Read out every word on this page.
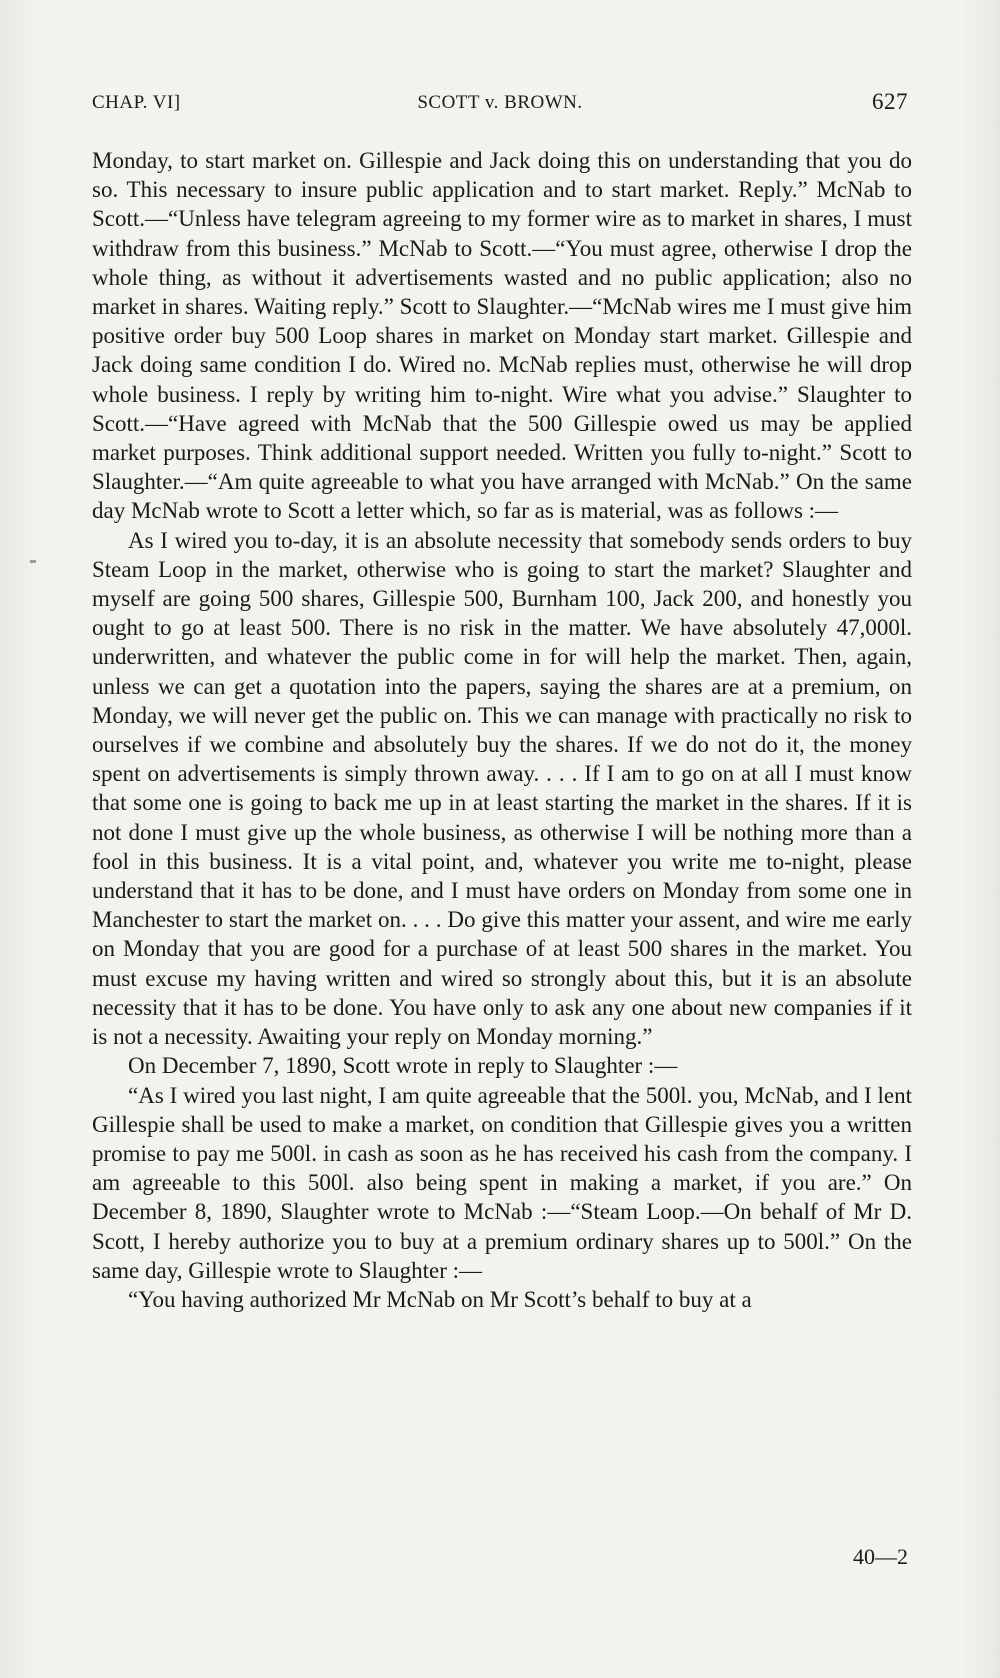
CHAP. VI]	SCOTT v. BROWN.	627

Monday, to start market on. Gillespie and Jack doing this on understanding that you do so. This necessary to insure public application and to start market. Reply.” McNab to Scott.—“Unless have telegram agreeing to my former wire as to market in shares, I must withdraw from this business.” McNab to Scott.—“You must agree, otherwise I drop the whole thing, as without it advertisements wasted and no public application; also no market in shares. Waiting reply.” Scott to Slaughter.—“McNab wires me I must give him positive order buy 500 Loop shares in market on Monday start market. Gillespie and Jack doing same condition I do. Wired no. McNab replies must, otherwise he will drop whole business. I reply by writing him to-night. Wire what you advise.” Slaughter to Scott.—“Have agreed with McNab that the 500 Gillespie owed us may be applied market purposes. Think additional support needed. Written you fully to-night.” Scott to Slaughter.—“Am quite agreeable to what you have arranged with McNab.” On the same day McNab wrote to Scott a letter which, so far as is material, was as follows :—

As I wired you to-day, it is an absolute necessity that somebody sends orders to buy Steam Loop in the market, otherwise who is going to start the market? Slaughter and myself are going 500 shares, Gillespie 500, Burnham 100, Jack 200, and honestly you ought to go at least 500. There is no risk in the matter. We have absolutely 47,000l. underwritten, and whatever the public come in for will help the market. Then, again, unless we can get a quotation into the papers, saying the shares are at a premium, on Monday, we will never get the public on. This we can manage with practically no risk to ourselves if we combine and absolutely buy the shares. If we do not do it, the money spent on advertisements is simply thrown away. . . . If I am to go on at all I must know that some one is going to back me up in at least starting the market in the shares. If it is not done I must give up the whole business, as otherwise I will be nothing more than a fool in this business. It is a vital point, and, whatever you write me to-night, please understand that it has to be done, and I must have orders on Monday from some one in Manchester to start the market on. . . . Do give this matter your assent, and wire me early on Monday that you are good for a purchase of at least 500 shares in the market. You must excuse my having written and wired so strongly about this, but it is an absolute necessity that it has to be done. You have only to ask any one about new companies if it is not a necessity. Awaiting your reply on Monday morning.”

On December 7, 1890, Scott wrote in reply to Slaughter :—

“As I wired you last night, I am quite agreeable that the 500l. you, McNab, and I lent Gillespie shall be used to make a market, on condition that Gillespie gives you a written promise to pay me 500l. in cash as soon as he has received his cash from the company. I am agreeable to this 500l. also being spent in making a market, if you are.” On December 8, 1890, Slaughter wrote to McNab :—“Steam Loop.—On behalf of Mr D. Scott, I hereby authorize you to buy at a premium ordinary shares up to 500l.” On the same day, Gillespie wrote to Slaughter :—

“You having authorized Mr McNab on Mr Scott’s behalf to buy at a

40—2
